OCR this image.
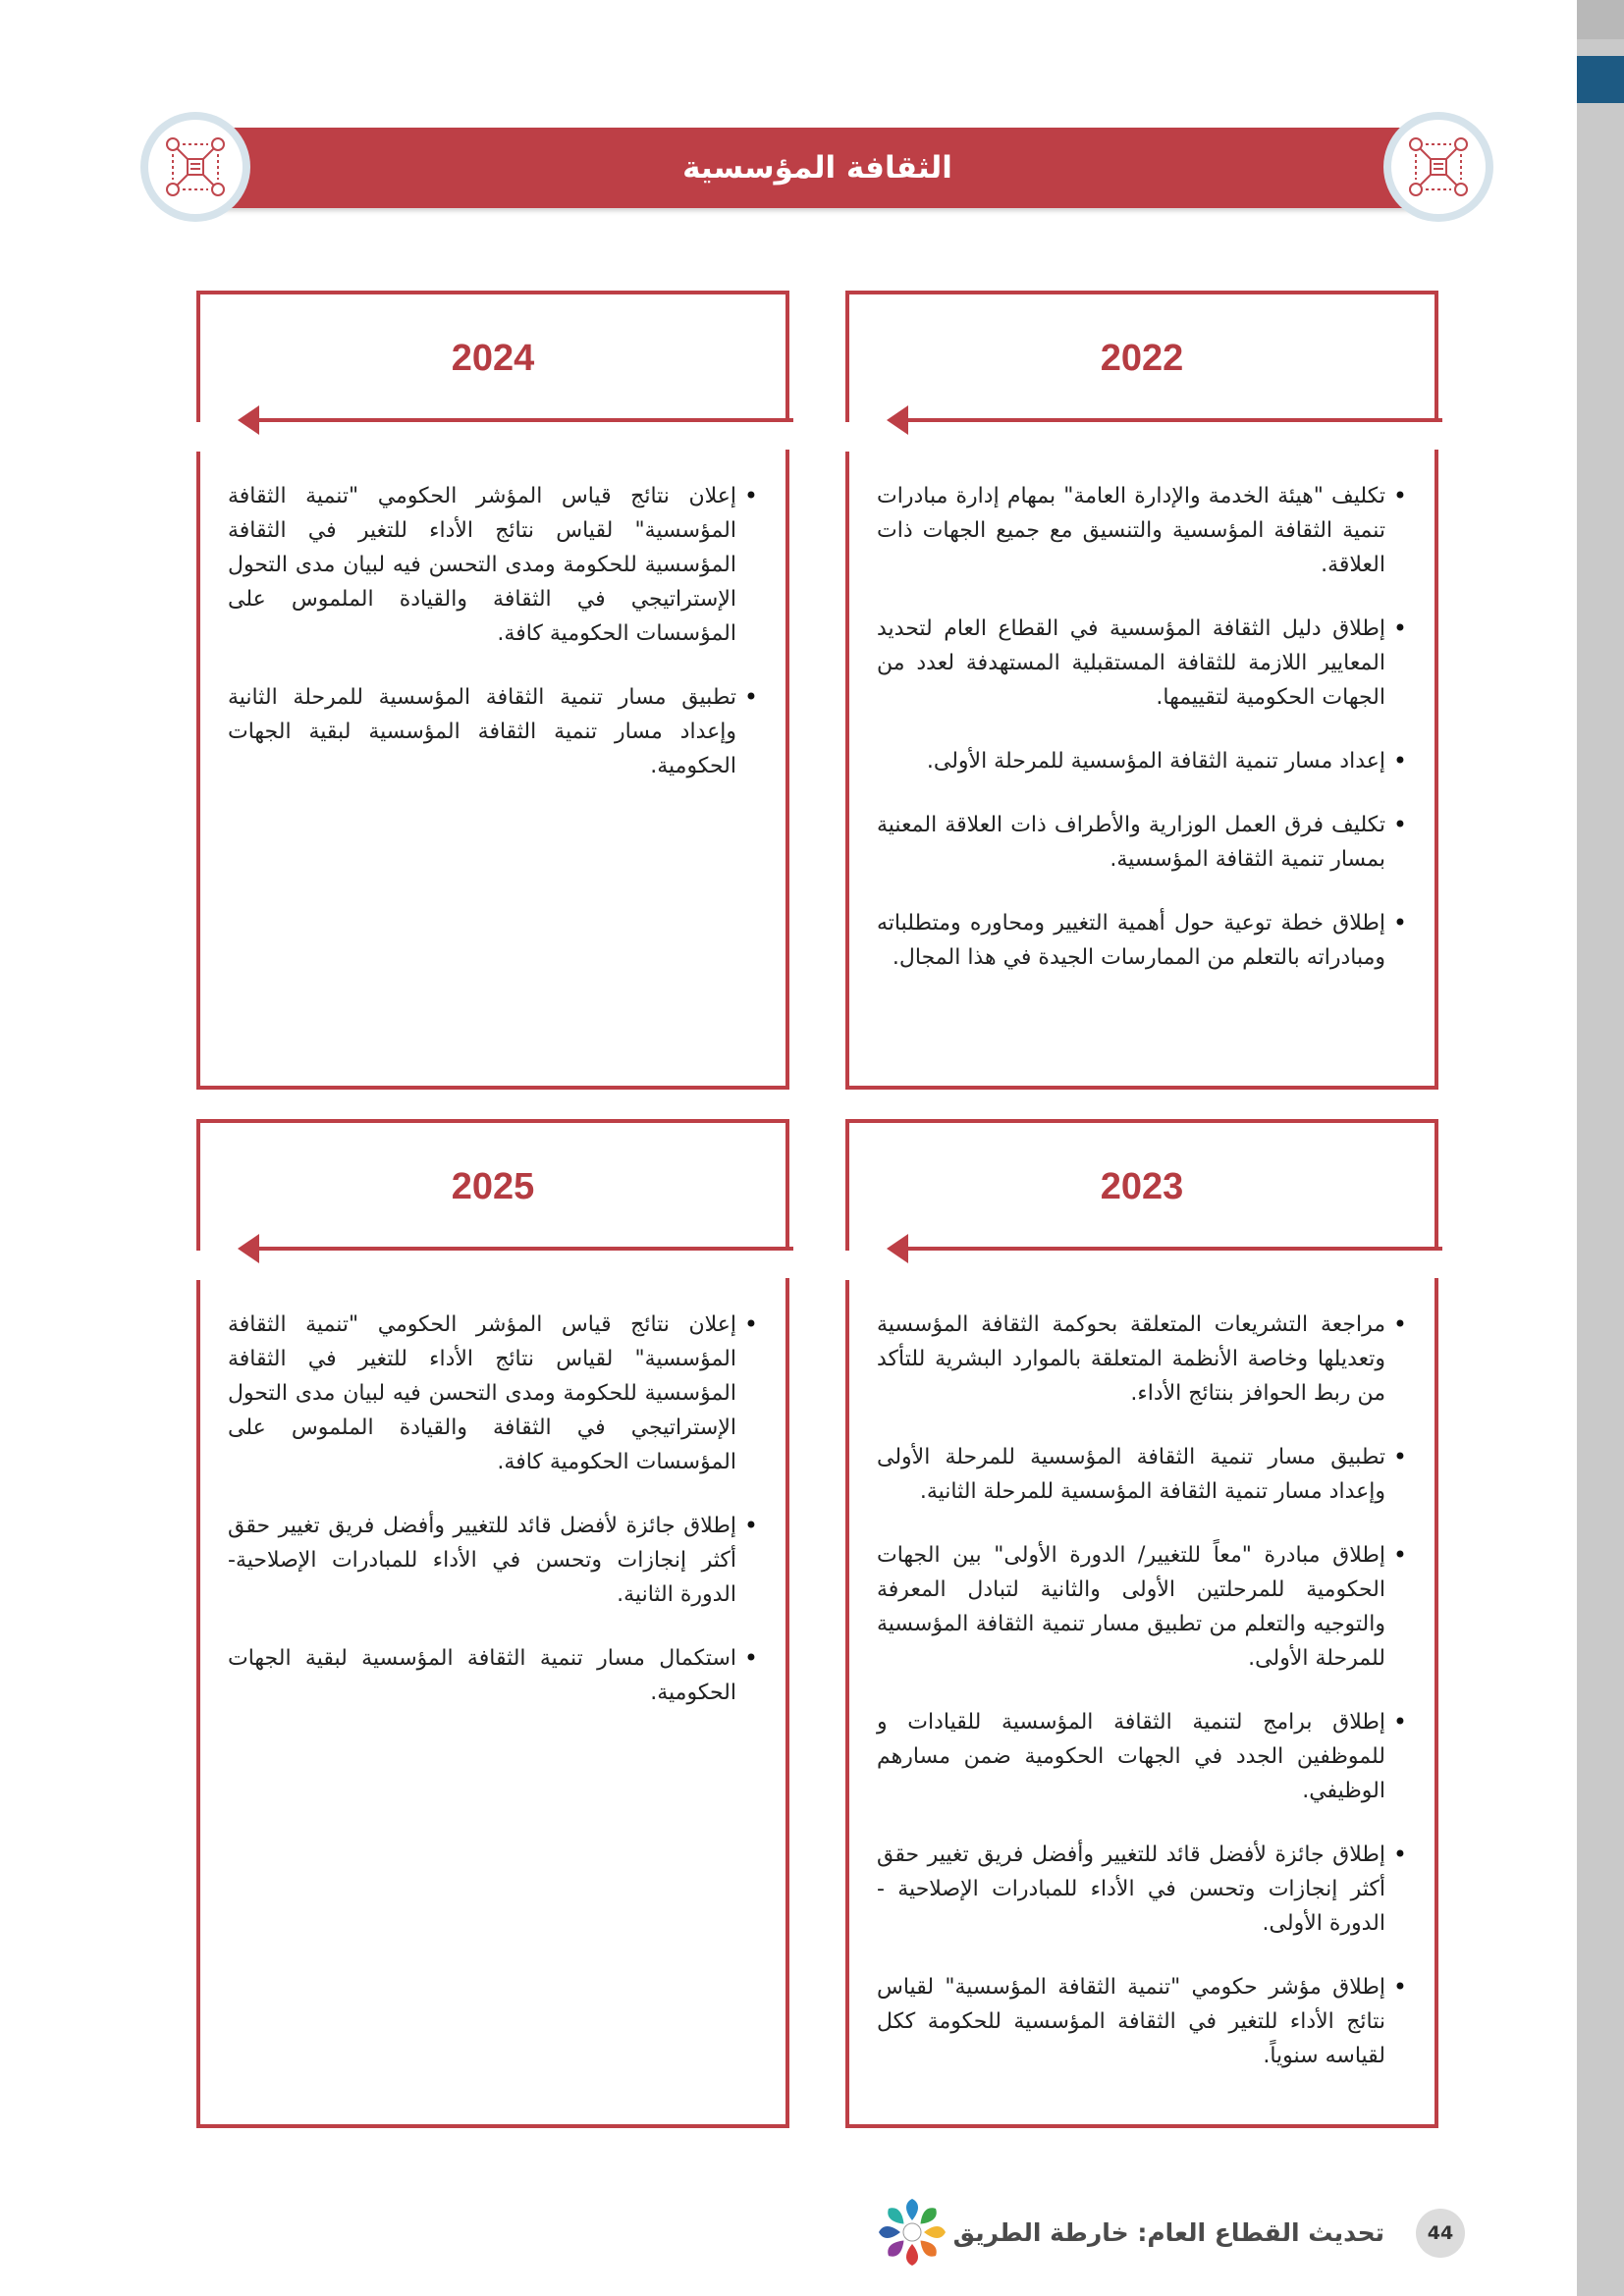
الثقافة المؤسسية
2022
• تكليف "هيئة الخدمة والإدارة العامة" بمهام إدارة مبادرات تنمية الثقافة المؤسسية والتنسيق مع جميع الجهات ذات العلاقة.
• إطلاق دليل الثقافة المؤسسية في القطاع العام لتحديد المعايير اللازمة للثقافة المستقبلية المستهدفة لعدد من الجهات الحكومية لتقييمها.
• إعداد مسار تنمية الثقافة المؤسسية للمرحلة الأولى.
• تكليف فرق العمل الوزارية والأطراف ذات العلاقة المعنية بمسار تنمية الثقافة المؤسسية.
• إطلاق خطة توعية حول أهمية التغيير ومحاوره ومتطلباته ومبادراته بالتعلم من الممارسات الجيدة في هذا المجال.
2024
• إعلان نتائج قياس المؤشر الحكومي "تنمية الثقافة المؤسسية" لقياس نتائج الأداء للتغير في الثقافة المؤسسية للحكومة ومدى التحسن فيه لبيان مدى التحول الإستراتيجي في الثقافة والقيادة الملموس على المؤسسات الحكومية كافة.
• تطبيق مسار تنمية الثقافة المؤسسية للمرحلة الثانية وإعداد مسار تنمية الثقافة المؤسسية لبقية الجهات الحكومية.
2023
• مراجعة التشريعات المتعلقة بحوكمة الثقافة المؤسسية وتعديلها وخاصة الأنظمة المتعلقة بالموارد البشرية للتأكد من ربط الحوافز بنتائج الأداء.
• تطبيق مسار تنمية الثقافة المؤسسية للمرحلة الأولى وإعداد مسار تنمية الثقافة المؤسسية للمرحلة الثانية.
• إطلاق مبادرة "معاً للتغيير/ الدورة الأولى" بين الجهات الحكومية للمرحلتين الأولى والثانية لتبادل المعرفة والتوجيه والتعلم من تطبيق مسار تنمية الثقافة المؤسسية للمرحلة الأولى.
• إطلاق برامج لتنمية الثقافة المؤسسية للقيادات و للموظفين الجدد في الجهات الحكومية ضمن مسارهم الوظيفي.
• إطلاق جائزة لأفضل قائد للتغيير وأفضل فريق تغيير حقق أكثر إنجازات وتحسن في الأداء للمبادرات الإصلاحية - الدورة الأولى.
• إطلاق مؤشر حكومي "تنمية الثقافة المؤسسية" لقياس نتائج الأداء للتغير في الثقافة المؤسسية للحكومة ككل لقياسه سنوياً.
2025
• إعلان نتائج قياس المؤشر الحكومي "تنمية الثقافة المؤسسية" لقياس نتائج الأداء للتغير في الثقافة المؤسسية للحكومة ومدى التحسن فيه لبيان مدى التحول الإستراتيجي في الثقافة والقيادة الملموس على المؤسسات الحكومية كافة.
• إطلاق جائزة لأفضل قائد للتغيير وأفضل فريق تغيير حقق أكثر إنجازات وتحسن في الأداء للمبادرات الإصلاحية- الدورة الثانية.
• استكمال مسار تنمية الثقافة المؤسسية لبقية الجهات الحكومية.
تحديث القطاع العام: خارطة الطريق	44
